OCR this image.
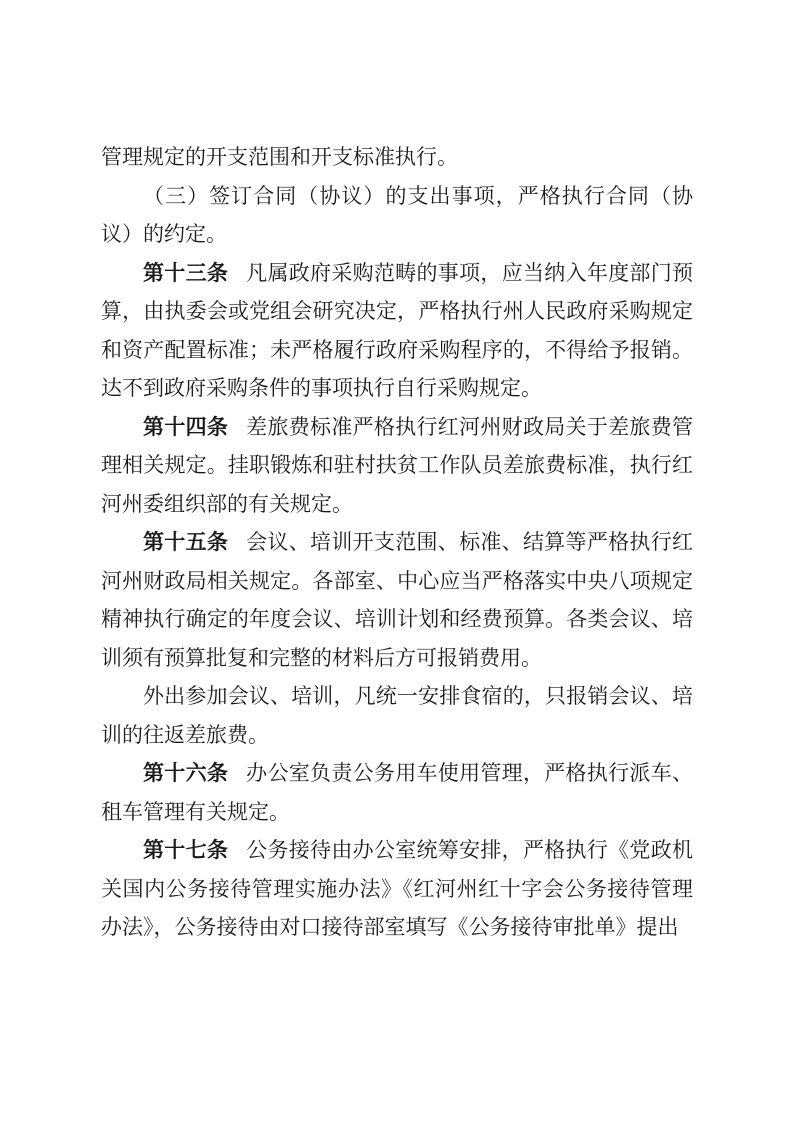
管理规定的开支范围和开支标准执行。

（三）签订合同（协议）的支出事项，严格执行合同（协议）的约定。

第十三条 凡属政府采购范畴的事项，应当纳入年度部门预算，由执委会或党组会研究决定，严格执行州人民政府采购规定和资产配置标准；未严格履行政府采购程序的，不得给予报销。达不到政府采购条件的事项执行自行采购规定。

第十四条 差旅费标准严格执行红河州财政局关于差旅费管理相关规定。挂职锻炼和驻村扶贫工作队员差旅费标准，执行红河州委组织部的有关规定。

第十五条 会议、培训开支范围、标准、结算等严格执行红河州财政局相关规定。各部室、中心应当严格落实中央八项规定精神执行确定的年度会议、培训计划和经费预算。各类会议、培训须有预算批复和完整的材料后方可报销费用。

外出参加会议、培训，凡统一安排食宿的，只报销会议、培训的往返差旅费。

第十六条 办公室负责公务用车使用管理，严格执行派车、租车管理有关规定。

第十七条 公务接待由办公室统筹安排，严格执行《党政机关国内公务接待管理实施办法》《红河州红十字会公务接待管理办法》，公务接待由对口接待部室填写《公务接待审批单》提出
